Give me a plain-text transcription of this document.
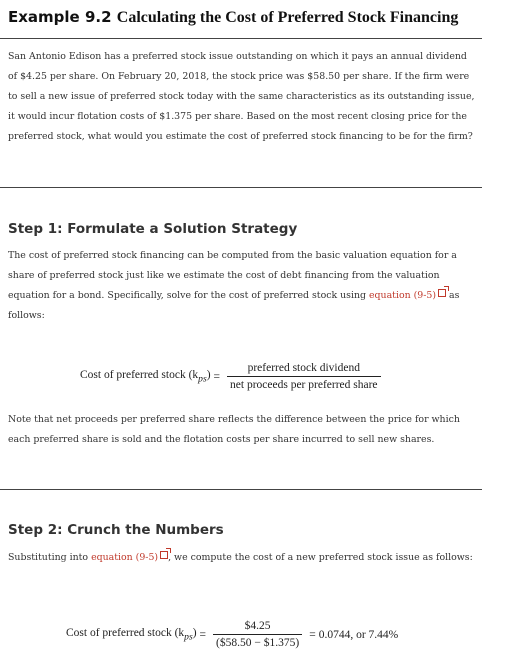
Example 9.2 Calculating the Cost of Preferred Stock Financing

San Antonio Edison has a preferred stock issue outstanding on which it pays an annual dividend of $4.25 per share. On February 20, 2018, the stock price was $58.50 per share. If the firm were to sell a new issue of preferred stock today with the same characteristics as its outstanding issue, it would incur flotation costs of $1.375 per share. Based on the most recent closing price for the preferred stock, what would you estimate the cost of preferred stock financing to be for the firm?

Step 1: Formulate a Solution Strategy

The cost of preferred stock financing can be computed from the basic valuation equation for a share of preferred stock just like we estimate the cost of debt financing from the valuation equation for a bond. Specifically, solve for the cost of preferred stock using equation (9-5) as follows:

Cost of preferred stock $(k_{ps}) = \frac{\text{preferred stock dividend}}{\text{net proceeds per preferred share}}$

Note that net proceeds per preferred share reflects the difference between the price for which each preferred share is sold and the flotation costs per share incurred to sell new shares.

Step 2: Crunch the Numbers

Substituting into equation (9-5) , we compute the cost of a new preferred stock issue as follows:

Cost of preferred stock $(k_{ps}) = \frac{\$4.25}{(\$58.50 - \$1.375)} = 0.0744$, or 7.44%
